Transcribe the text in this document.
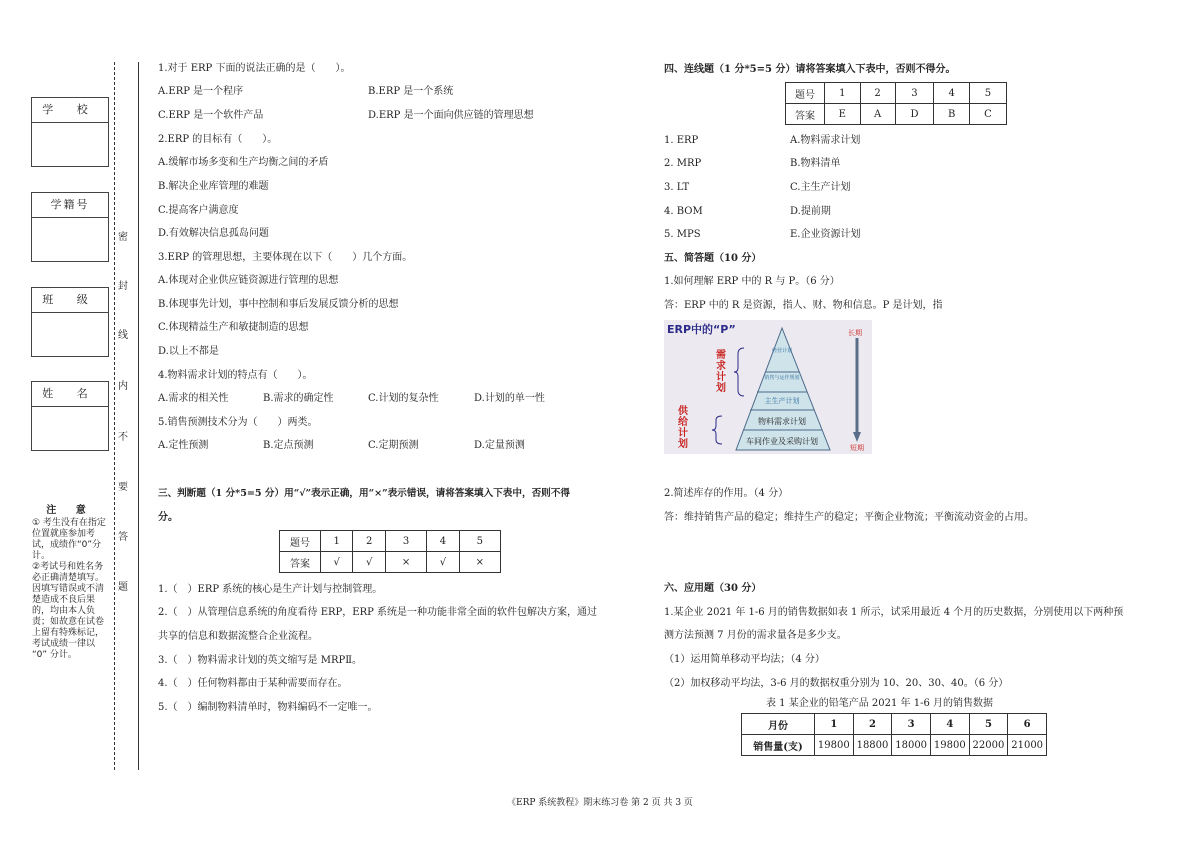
学 校
学籍号
班 级
姓 名
密
封
线
内
不
要
答
题
注 意
① 考生没有在指定位置就座参加考试，成绩作“0”分计。
②考试号和姓名务必正确清楚填写。因填写错误或不清楚造成不良后果的，均由本人负责；如故意在试卷上留有特殊标记，考试成绩一律以 “0” 分计。
1.对于 ERP 下面的说法正确的是（　　）。
A.ERP 是一个程序	B.ERP 是一个系统
C.ERP 是一个软件产品	D.ERP 是一个面向供应链的管理思想
2.ERP 的目标有（　　）。
A.缓解市场多变和生产均衡之间的矛盾
B.解决企业库管理的难题
C.提高客户满意度
D.有效解决信息孤岛问题
3.ERP 的管理思想，主要体现在以下（　　）几个方面。
A.体现对企业供应链资源进行管理的思想
B.体现事先计划，事中控制和事后发展反馈分析的思想
C.体现精益生产和敏捷制造的思想
D.以上不都是
4.物料需求计划的特点有（　　）。
A.需求的相关性	B.需求的确定性	C.计划的复杂性	D.计划的单一性
5.销售预测技术分为（　　）两类。
A.定性预测	B.定点预测	C.定期预测	D.定量预测
三、判断题（1 分*5=5 分）用“√”表示正确，用“×”表示错误，请将答案填入下表中，否则不得
分。
题号	1	2	3	4	5
答案	√	√	×	√	×
1.（　）ERP 系统的核心是生产计划与控制管理。
2.（　）从管理信息系统的角度看待 ERP，ERP 系统是一种功能非常全面的软件包解决方案，通过
共享的信息和数据流整合企业流程。
3.（　）物料需求计划的英文缩写是 MRPⅡ。
4.（　）任何物料都由于某种需要而存在。
5.（　）编制物料清单时，物料编码不一定唯一。
四、连线题（1 分*5=5 分）请将答案填入下表中，否则不得分。
题号	1	2	3	4	5
答案	E	A	D	B	C
1. ERP	A.物料需求计划
2. MRP	B.物料清单
3. LT	C.主生产计划
4. BOM	D.提前期
5. MPS	E.企业资源计划
五、简答题（10 分）
1.如何理解 ERP 中的 R 与 P。（6 分）
答：ERP 中的 R 是资源，指人、财、物和信息。P 是计划，指
ERP中的“P”
需求计划
供给计划
长期
短期
经营计划
销售与运作规划
主生产计划
物料需求计划
车间作业及采购计划
2.简述库存的作用。（4 分）
答：维持销售产品的稳定；维持生产的稳定；平衡企业物流；平衡流动资金的占用。
六、应用题（30 分）
1.某企业 2021 年 1-6 月的销售数据如表 1 所示，试采用最近 4 个月的历史数据，分别使用以下两种预
测方法预测 7 月份的需求量各是多少支。
（1）运用简单移动平均法；（4 分）
（2）加权移动平均法，3-6 月的数据权重分别为 10、20、30、40。（6 分）
表 1 某企业的铅笔产品 2021 年 1-6 月的销售数据
月份	1	2	3	4	5	6
销售量(支)	19800	18800	18000	19800	22000	21000
《ERP 系统教程》期末练习卷 第 2 页 共 3 页
